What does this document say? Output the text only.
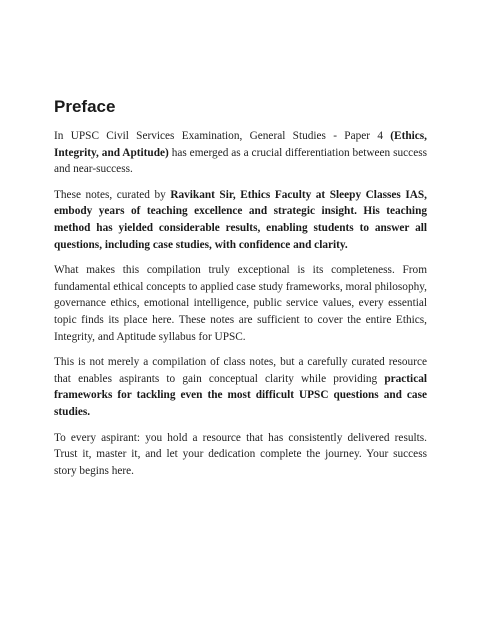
Preface

In UPSC Civil Services Examination, General Studies - Paper 4 (Ethics, Integrity, and Aptitude) has emerged as a crucial differentiation between success and near-success.

These notes, curated by Ravikant Sir, Ethics Faculty at Sleepy Classes IAS, embody years of teaching excellence and strategic insight. His teaching method has yielded considerable results, enabling students to answer all questions, including case studies, with confidence and clarity.

What makes this compilation truly exceptional is its completeness. From fundamental ethical concepts to applied case study frameworks, moral philosophy, governance ethics, emotional intelligence, public service values, every essential topic finds its place here. These notes are sufficient to cover the entire Ethics, Integrity, and Aptitude syllabus for UPSC.

This is not merely a compilation of class notes, but a carefully curated resource that enables aspirants to gain conceptual clarity while providing practical frameworks for tackling even the most difficult UPSC questions and case studies.

To every aspirant: you hold a resource that has consistently delivered results. Trust it, master it, and let your dedication complete the journey. Your success story begins here.
